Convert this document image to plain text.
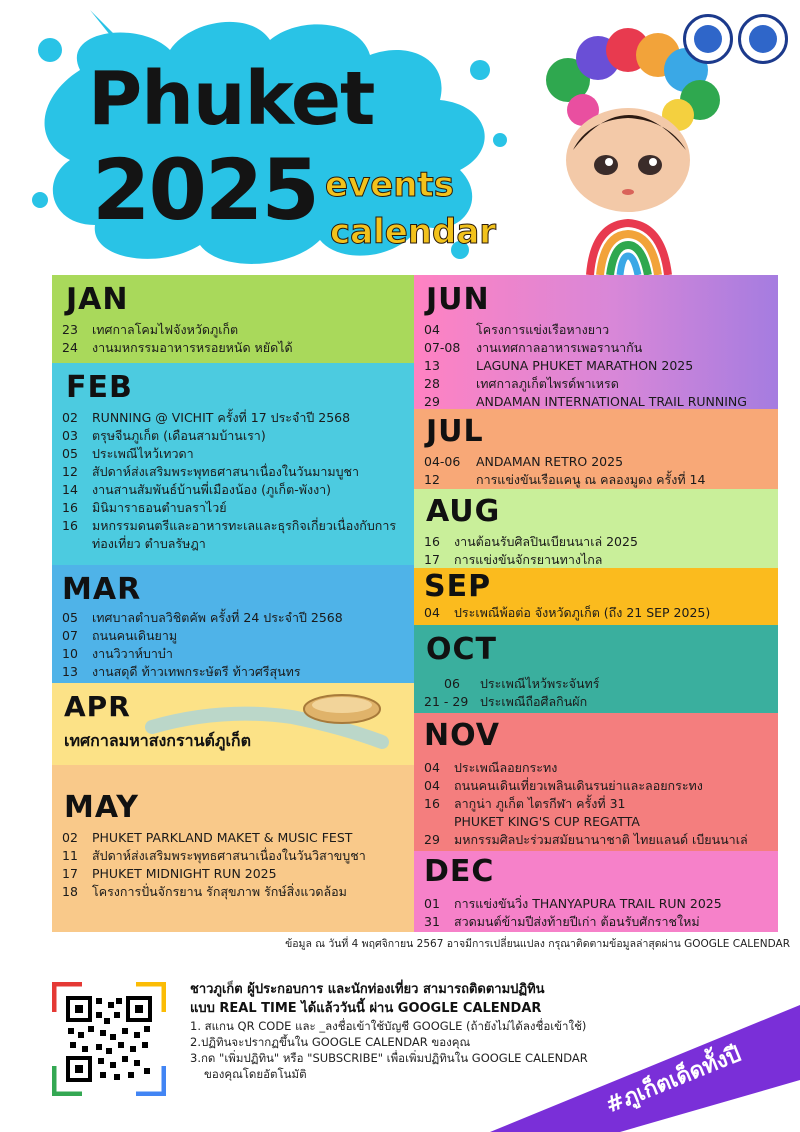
Phuket
2025 events
calendar
JAN
23	เทศกาลโคมไฟจังหวัดภูเก็ต
24	งานมหกรรมอาหารหรอยหนัด หยัดได้
FEB
02	RUNNING @ VICHIT ครั้งที่ 17 ประจำปี 2568
03	ตรุษจีนภูเก็ต (เดือนสามบ้านเรา)
05	ประเพณีไหว้เทวดา
12	สัปดาห์ส่งเสริมพระพุทธศาสนาเนื่องในวันมามบูชา
14	งานสานสัมพันธ์บ้านพี่เมืองน้อง (ภูเก็ต-พังงา)
16	มินิมาราธอนตำบลราไวย์
16	มหกรรมดนตรีและอาหารทะเลและธุรกิจเกี่ยวเนื่องกับการท่องเที่ยว ตำบลรัษฎา
MAR
05	เทศบาลตำบลวิชิตคัพ ครั้งที่ 24 ประจำปี 2568
07	ถนนคนเดินยามู
10	งานวิวาห์บาบ๋า
13	งานสดุดี ท้าวเทพกระษัตรี ท้าวศรีสุนทร
APR
เทศกาลมหาสงกรานต์ภูเก็ต
MAY
02	PHUKET PARKLAND MAKET & MUSIC FEST
11	สัปดาห์ส่งเสริมพระพุทธศาสนาเนื่องในวันวิสาขบูชา
17	PHUKET MIDNIGHT RUN 2025
18	โครงการปั่นจักรยาน รักสุขภาพ รักษ์สิ่งแวดล้อม
JUN
04	โครงการแข่งเรือหางยาว
07-08	งานเทศกาลอาหารเพอรานากัน
13	LAGUNA PHUKET MARATHON 2025
28	เทศกาลภูเก็ตไพรด์พาเหรด
29	ANDAMAN INTERNATIONAL TRAIL RUNNING
JUL
04-06	ANDAMAN RETRO 2025
12	การแข่งขันเรือแคนู ณ คลองมูดง ครั้งที่ 14
AUG
16	งานต้อนรับศิลปินเบียนนาเล่ 2025
17	การแข่งขันจักรยานทางไกล
SEP
04	ประเพณีพ้อต่อ จังหวัดภูเก็ต (ถึง 21 SEP 2025)
OCT
06	ประเพณีไหว้พระจันทร์
21 - 29 ประเพณีถือศีลกินผัก
NOV
04	ประเพณีลอยกระทง
04	ถนนคนเดินเที่ยวเพลินเดินรนย่าและลอยกระทง
16	ลากูน่า ภูเก็ต ไตรกีฬา ครั้งที่ 31
PHUKET KING'S CUP REGATTA
29	มหกรรมศิลปะร่วมสมัยนานาชาติ ไทยแลนด์ เบียนนาเล่
DEC
01	การแข่งขันวิ่ง THANYAPURA TRAIL RUN 2025
31	สวดมนต์ข้ามปีส่งท้ายปีเก่า ต้อนรับศักราชใหม่
ข้อมูล ณ วันที่ 4 พฤศจิกายน 2567 อาจมีการเปลี่ยนแปลง กรุณาติดตามข้อมูลล่าสุดผ่าน GOOGLE CALENDAR
ชาวภูเก็ต ผู้ประกอบการ และนักท่องเที่ยว สามารถติดตามปฏิทิน
แบบ REAL TIME ได้แล้ววันนี้ ผ่าน GOOGLE CALENDAR
1. สแกน QR CODE และ _ลงชื่อเข้าใช้บัญชี GOOGLE (ถ้ายังไม่ได้ลงชื่อเข้าใช้)
2.ปฏิทินจะปรากฏขึ้นใน GOOGLE CALENDAR ของคุณ
3.กด "เพิ่มปฏิทิน" หรือ "SUBSCRIBE" เพื่อเพิ่มปฏิทินใน GOOGLE CALENDAR
ของคุณโดยอัตโนมัติ	#ภูเก็ตเด็ดทั้งปี
